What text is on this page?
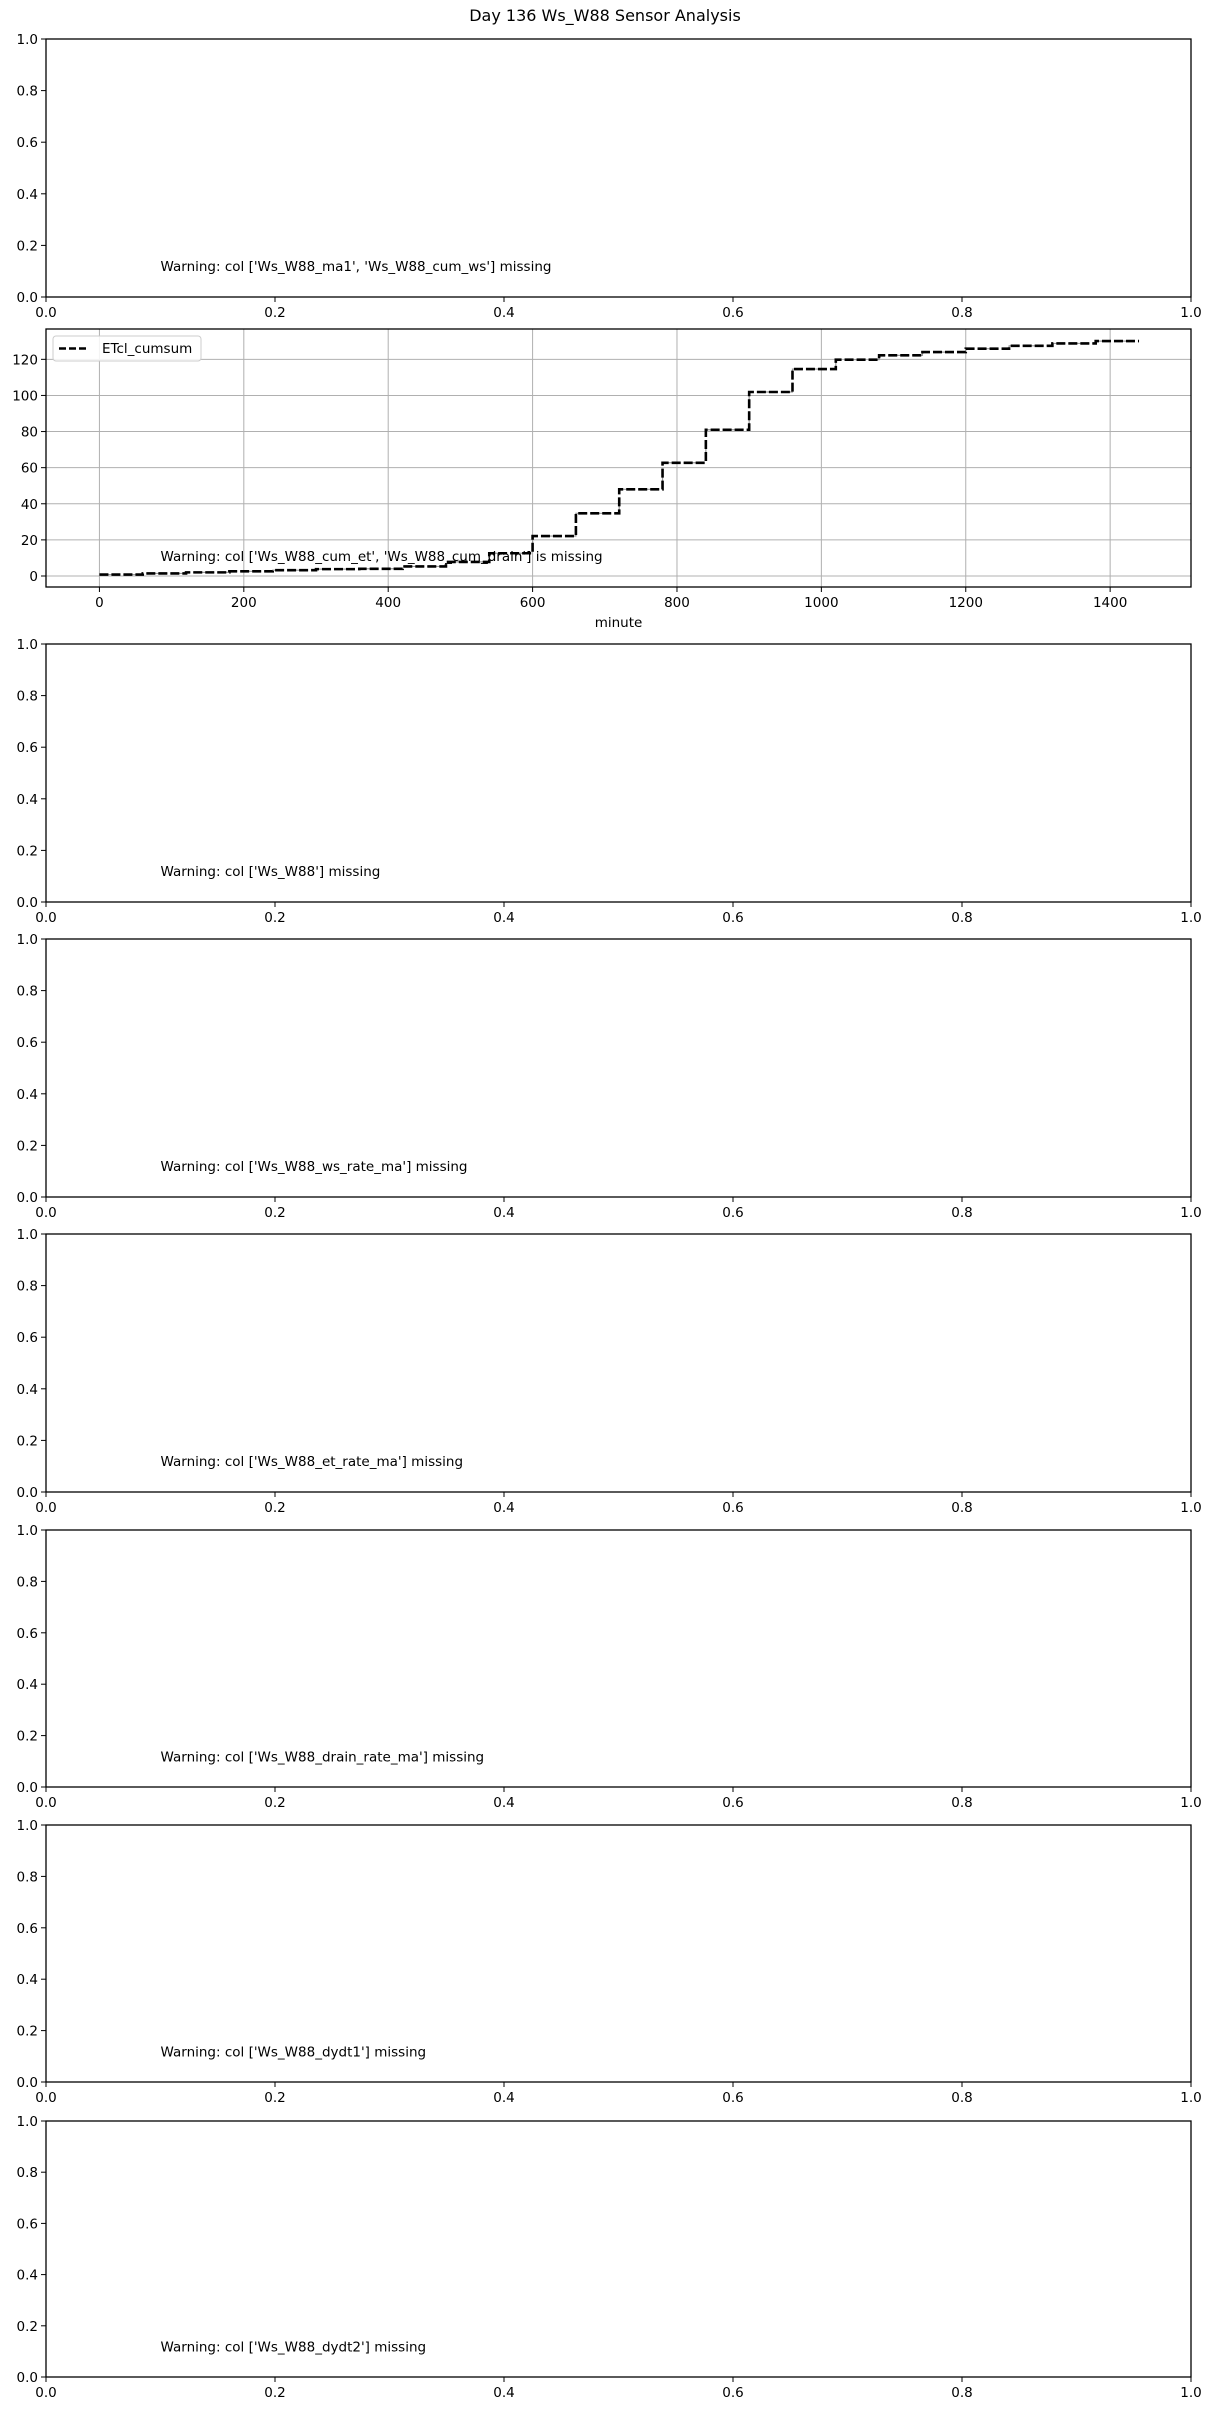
Day 136 Ws_W88 Sensor Analysis
Warning: col ['Ws_W88_ma1', 'Ws_W88_cum_ws'] missing
0.0	0.2	0.4	0.6	0.8	1.0
0.0
0.2
0.4
0.6
0.8
1.0
Warning: col ['Ws_W88_cum_et', 'Ws_W88_cum_drain'] is missing
ETcl_cumsum
0	200	400	600	800	1000	1200	1400
minute
0
20
40
60
80
100
120
Warning: col ['Ws_W88'] missing
0.0	0.2	0.4	0.6	0.8	1.0
0.0
0.2
0.4
0.6
0.8
1.0
Warning: col ['Ws_W88_ws_rate_ma'] missing
0.0	0.2	0.4	0.6	0.8	1.0
0.0
0.2
0.4
0.6
0.8
1.0
Warning: col ['Ws_W88_et_rate_ma'] missing
0.0	0.2	0.4	0.6	0.8	1.0
0.0
0.2
0.4
0.6
0.8
1.0
Warning: col ['Ws_W88_drain_rate_ma'] missing
0.0	0.2	0.4	0.6	0.8	1.0
0.0
0.2
0.4
0.6
0.8
1.0
Warning: col ['Ws_W88_dydt1'] missing
0.0	0.2	0.4	0.6	0.8	1.0
0.0
0.2
0.4
0.6
0.8
1.0
Warning: col ['Ws_W88_dydt2'] missing
0.0	0.2	0.4	0.6	0.8	1.0
0.0
0.2
0.4
0.6
0.8
1.0
